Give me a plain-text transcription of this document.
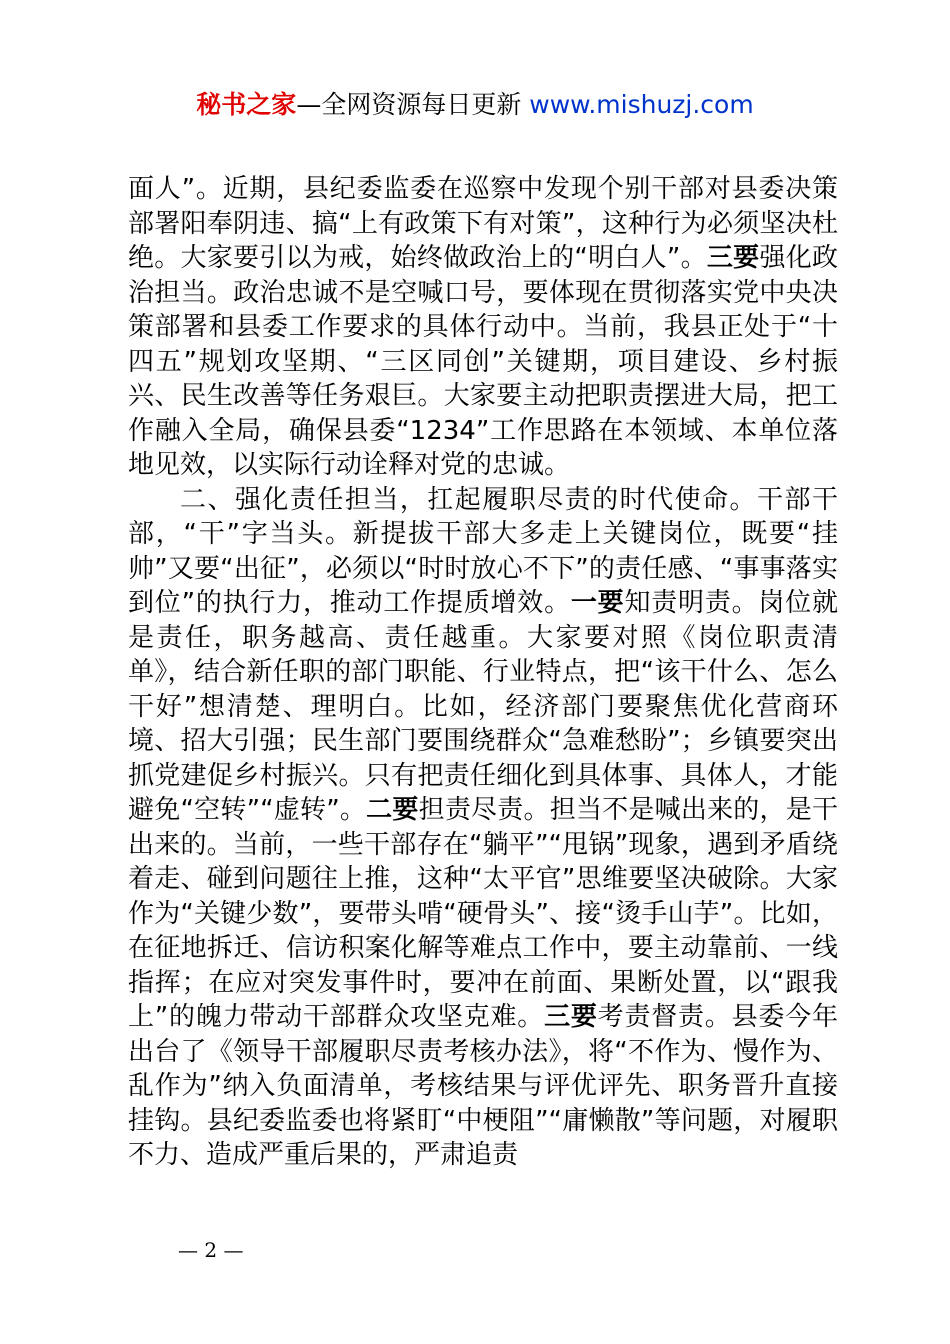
秘书之家—全网资源每日更新 www.mishuzj.com

面人”。近期，县纪委监委在巡察中发现个别干部对县委决策部署阳奉阴违、搞“上有政策下有对策”，这种行为必须坚决杜绝。大家要引以为戒，始终做政治上的“明白人”。三要强化政治担当。政治忠诚不是空喊口号，要体现在贯彻落实党中央决策部署和县委工作要求的具体行动中。当前，我县正处于“十四五”规划攻坚期、“三区同创”关键期，项目建设、乡村振兴、民生改善等任务艰巨。大家要主动把职责摆进大局，把工作融入全局，确保县委“1234”工作思路在本领域、本单位落地见效，以实际行动诠释对党的忠诚。

二、强化责任担当，扛起履职尽责的时代使命。干部干部，“干”字当头。新提拔干部大多走上关键岗位，既要“挂帅”又要“出征”，必须以“时时放心不下”的责任感、“事事落实到位”的执行力，推动工作提质增效。一要知责明责。岗位就是责任，职务越高、责任越重。大家要对照《岗位职责清单》，结合新任职的部门职能、行业特点，把“该干什么、怎么干好”想清楚、理明白。比如，经济部门要聚焦优化营商环境、招大引强；民生部门要围绕群众“急难愁盼”；乡镇要突出抓党建促乡村振兴。只有把责任细化到具体事、具体人，才能避免“空转”“虚转”。二要担责尽责。担当不是喊出来的，是干出来的。当前，一些干部存在“躺平”“甩锅”现象，遇到矛盾绕着走、碰到问题往上推，这种“太平官”思维要坚决破除。大家作为“关键少数”，要带头啃“硬骨头”、接“烫手山芋”。比如，在征地拆迁、信访积案化解等难点工作中，要主动靠前、一线指挥；在应对突发事件时，要冲在前面、果断处置，以“跟我上”的魄力带动干部群众攻坚克难。三要考责督责。县委今年出台了《领导干部履职尽责考核办法》，将“不作为、慢作为、乱作为”纳入负面清单，考核结果与评优评先、职务晋升直接挂钩。县纪委监委也将紧盯“中梗阻”“庸懒散”等问题，对履职不力、造成严重后果的，严肃追责

— 2 —
